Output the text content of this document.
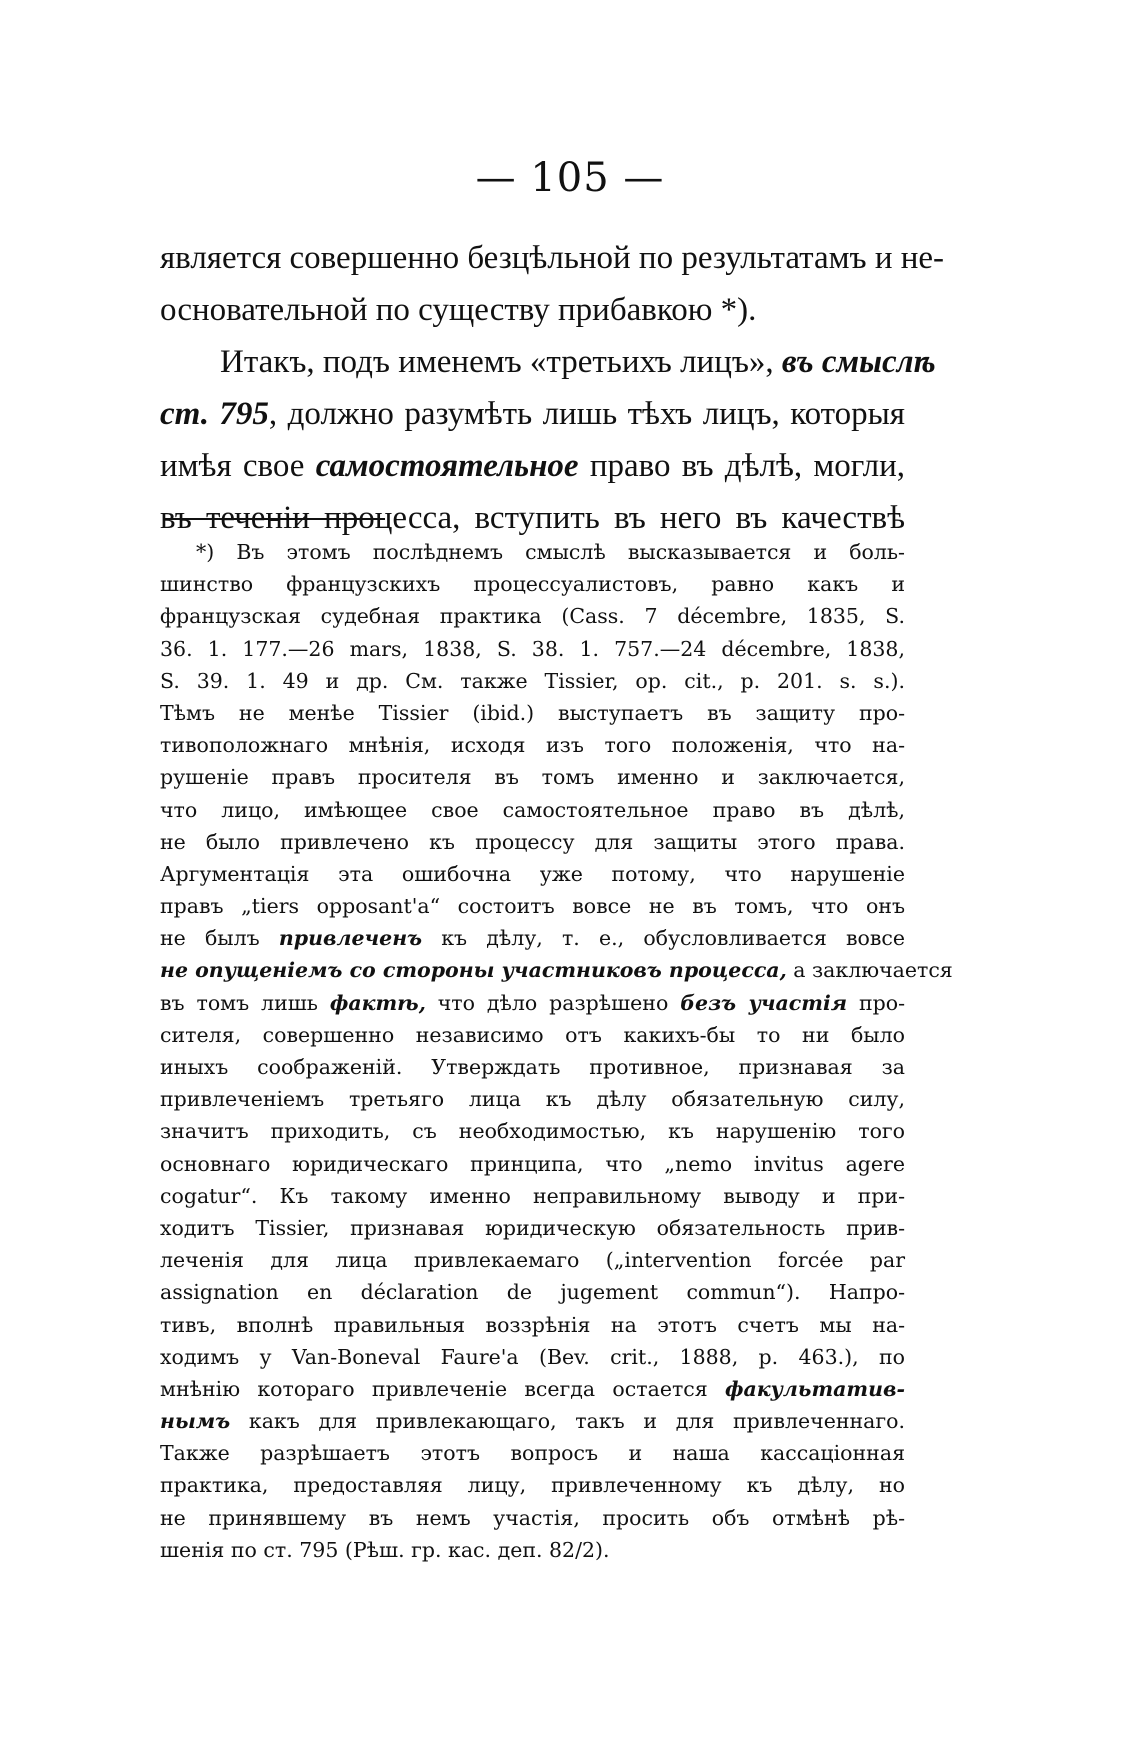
— 105 —
является совершенно безцѣльной по результатамъ и не-
основательной по существу прибавкою *).
Итакъ, подъ именемъ «третьихъ лицъ», въ смыслѣ
ст. 795, должно разумѣть лишь тѣхъ лицъ, которыя
имѣя свое самостоятельное право въ дѣлѣ, могли,
въ теченіи процесса, вступить въ него въ качествѣ
*) Въ этомъ послѣднемъ смыслѣ высказывается и боль-
шинство французскихъ процессуалистовъ, равно какъ и
французская судебная практика (Cass. 7 décembre, 1835, S.
36. 1. 177.—26 mars, 1838, S. 38. 1. 757.—24 décembre, 1838,
S. 39. 1. 49 и др. См. также Tissier, op. cit., p. 201. s. s.).
Тѣмъ не менѣе Tissier (ibid.) выступаетъ въ защиту про-
тивоположнаго мнѣнія, исходя изъ того положенія, что на-
рушеніе правъ просителя въ томъ именно и заключается,
что лицо, имѣющее свое самостоятельное право въ дѣлѣ,
не было привлечено къ процессу для защиты этого права.
Аргументація эта ошибочна уже потому, что нарушеніе
правъ „tiers opposant'a“ состоитъ вовсе не въ томъ, что онъ
не былъ привлеченъ къ дѣлу, т. е., обусловливается вовсе
не опущеніемъ со стороны участниковъ процесса, а заключается
въ томъ лишь фактѣ, что дѣло разрѣшено безъ участія про-
сителя, совершенно независимо отъ какихъ-бы то ни было
иныхъ соображеній. Утверждать противное, признавая за
привлеченіемъ третьяго лица къ дѣлу обязательную силу,
значитъ приходить, съ необходимостью, къ нарушенію того
основнаго юридическаго принципа, что „nemo invitus agere
cogatur“. Къ такому именно неправильному выводу и при-
ходитъ Tissier, признавая юридическую обязательность прив-
леченія для лица привлекаемаго („intervention forcée par
assignation en déclaration de jugement commun“). Напро-
тивъ, вполнѣ правильныя воззрѣнія на этотъ счетъ мы на-
ходимъ у Van-Boneval Faure'a (Bev. crit., 1888, p. 463.), по
мнѣнію котораго привлеченіе всегда остается факультатив-
нымъ какъ для привлекающаго, такъ и для привлеченнаго.
Также разрѣшаетъ этотъ вопросъ и наша кассаціонная
практика, предоставляя лицу, привлеченному къ дѣлу, но
не принявшему въ немъ участія, просить объ отмѣнѣ рѣ-
шенія по ст. 795 (Рѣш. гр. кас. деп. 82/2).
